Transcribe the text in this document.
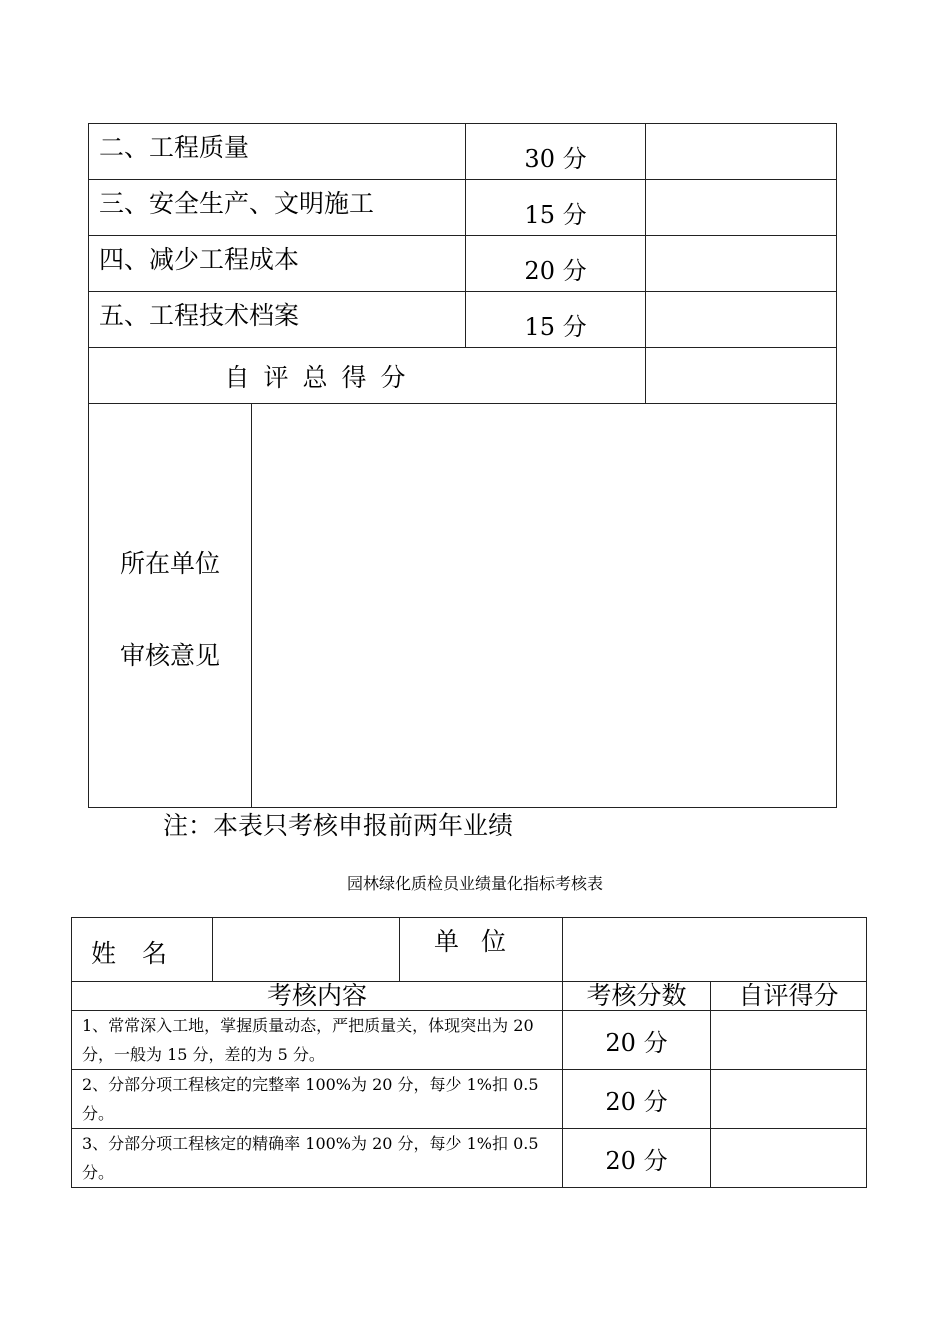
二、工程质量		30 分	
三、安全生产、文明施工		15 分	
四、减少工程成本		20 分	
五、工程技术档案		15 分	
自评总得分			

所在单位
审核意见			

注：本表只考核申报前两年业绩
园林绿化质检员业绩量化指标考核表
姓名		单位		
考核内容			考核分数	自评得分
1、常常深入工地，掌握质量动态，严把质量关，体现突出为 20 分，一般为 15 分，差的为 5 分。			20 分	
2、分部分项工程核定的完整率 100%为 20 分，每少 1%扣 0.5 分。			20 分	
3、分部分项工程核定的精确率 100%为 20 分，每少 1%扣 0.5 分。			20 分	
